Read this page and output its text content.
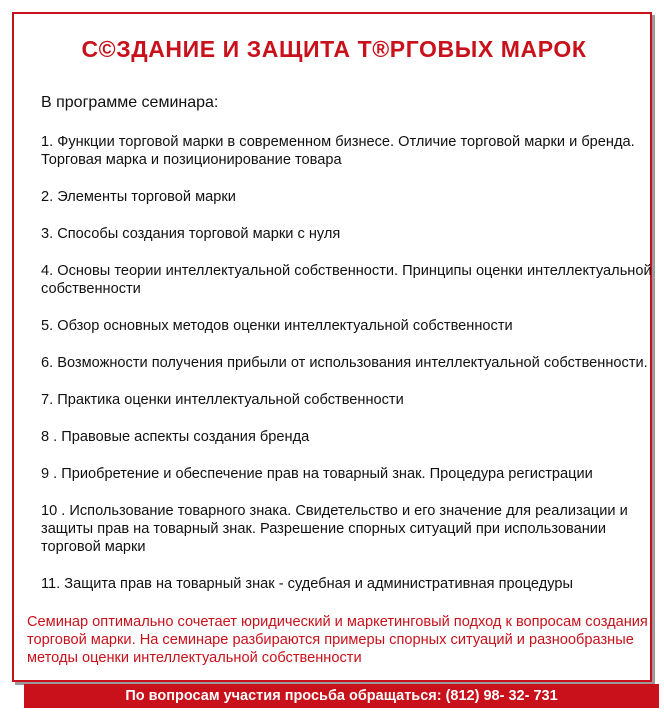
С©ЗДАНИЕ И ЗАЩИТА Т®РГОВЫХ МАРОК

В программе семинара:

1. Функции торговой марки в современном бизнесе. Отличие торговой марки и бренда. Торговая марка и позиционирование товара
2. Элементы торговой марки
3. Способы создания торговой марки с нуля
4. Основы теории интеллектуальной собственности. Принципы оценки интеллектуальной собственности
5. Обзор основных методов оценки интеллектуальной собственности
6. Возможности получения прибыли от использования интеллектуальной собственности.
7. Практика оценки интеллектуальной собственности
8 . Правовые аспекты создания бренда
9 . Приобретение и обеспечение прав на товарный знак. Процедура регистрации
10 . Использование товарного знака. Свидетельство и его значение для реализации и защиты прав на товарный знак. Разрешение спорных ситуаций при использовании торговой марки
11. Защита прав на товарный знак - судебная и административная процедуры

Семинар оптимально сочетает юридический и маркетинговый подход к вопросам создания торговой марки. На семинаре разбираются примеры спорных ситуаций и разнообразные методы оценки интеллектуальной собственности

По вопросам участия просьба обращаться: (812) 98- 32- 731
